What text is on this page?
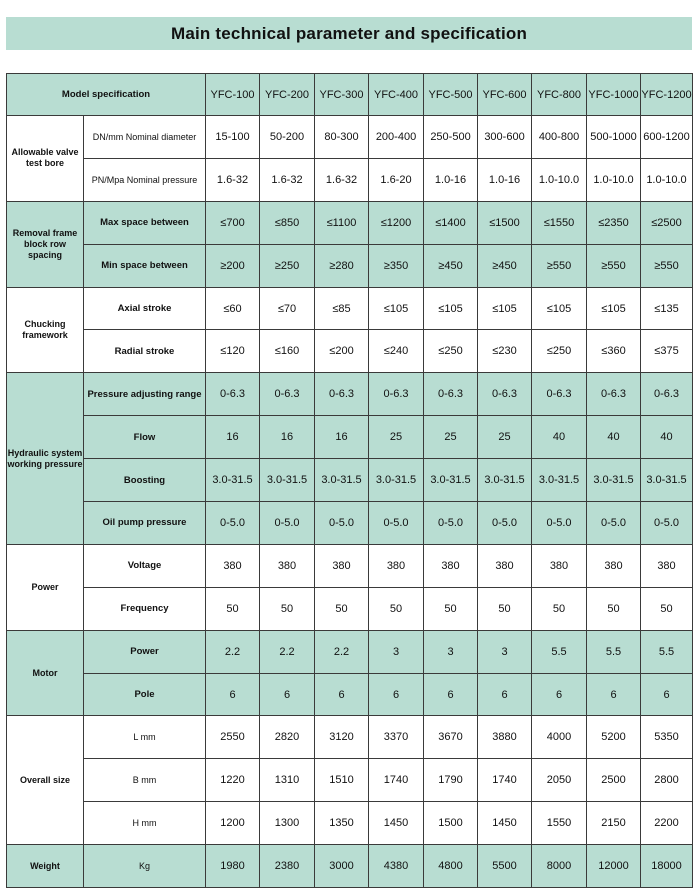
Main technical parameter and specification
Model specification		YFC-100	YFC-200	YFC-300	YFC-400	YFC-500	YFC-600	YFC-800	YFC-1000	YFC-1200
Allowable valve test bore	DN/mm Nominal diameter	15-100	50-200	80-300	200-400	250-500	300-600	400-800	500-1000	600-1200
	PN/Mpa Nominal pressure	1.6-32	1.6-32	1.6-32	1.6-20	1.0-16	1.0-16	1.0-10.0	1.0-10.0	1.0-10.0
Removal frame block row spacing	Max space between	≤700	≤850	≤1100	≤1200	≤1400	≤1500	≤1550	≤2350	≤2500
	Min space between	≥200	≥250	≥280	≥350	≥450	≥450	≥550	≥550	≥550
Chucking framework	Axial stroke	≤60	≤70	≤85	≤105	≤105	≤105	≤105	≤105	≤135
	Radial stroke	≤120	≤160	≤200	≤240	≤250	≤230	≤250	≤360	≤375
Hydraulic system working pressure	Pressure adjusting range	0-6.3	0-6.3	0-6.3	0-6.3	0-6.3	0-6.3	0-6.3	0-6.3	0-6.3
	Flow	16	16	16	25	25	25	40	40	40
	Boosting	3.0-31.5	3.0-31.5	3.0-31.5	3.0-31.5	3.0-31.5	3.0-31.5	3.0-31.5	3.0-31.5	3.0-31.5
	Oil pump pressure	0-5.0	0-5.0	0-5.0	0-5.0	0-5.0	0-5.0	0-5.0	0-5.0	0-5.0
Power	Voltage	380	380	380	380	380	380	380	380	380
	Frequency	50	50	50	50	50	50	50	50	50
Motor	Power	2.2	2.2	2.2	3	3	3	5.5	5.5	5.5
	Pole	6	6	6	6	6	6	6	6	6
Overall size	L mm	2550	2820	3120	3370	3670	3880	4000	5200	5350
	B mm	1220	1310	1510	1740	1790	1740	2050	2500	2800
	H mm	1200	1300	1350	1450	1500	1450	1550	2150	2200
Weight	Kg	1980	2380	3000	4380	4800	5500	8000	12000	18000
